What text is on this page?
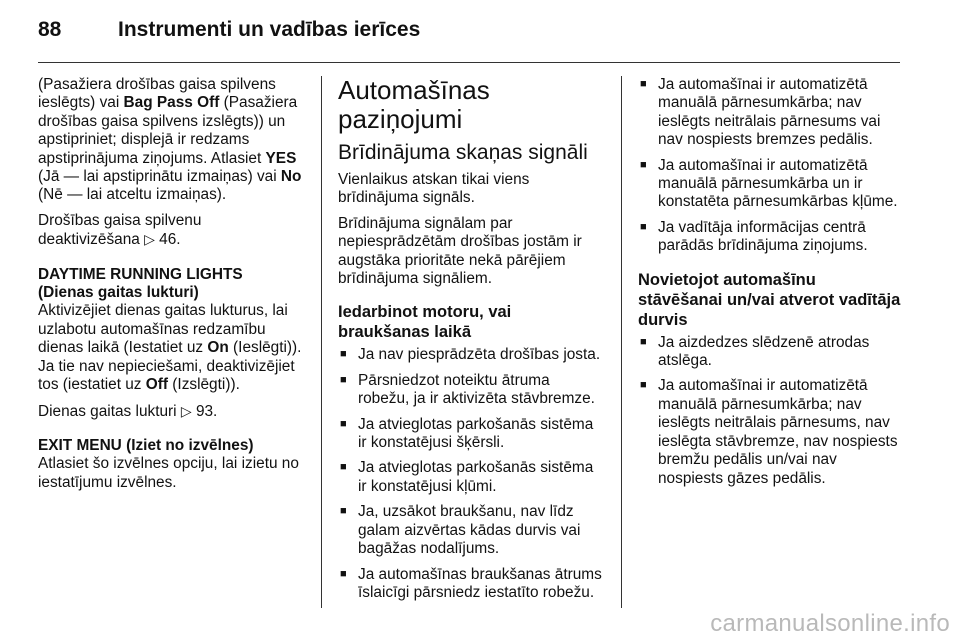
88	Instrumenti un vadības ierīces

(Pasažiera drošības gaisa spilvens ieslēgts) vai Bag Pass Off (Pasažiera drošības gaisa spilvens izslēgts)) un apstipriniet; displejā ir redzams apstiprinājuma ziņojums. Atlasiet YES (Jā — lai apstiprinātu izmaiņas) vai No (Nē — lai atceltu izmaiņas).

Drošības gaisa spilvenu deaktivizēšana ▷ 46.

DAYTIME RUNNING LIGHTS
(Dienas gaitas lukturi)

Aktivizējiet dienas gaitas lukturus, lai uzlabotu automašīnas redzamību dienas laikā (Iestatiet uz On (Ieslēgti)). Ja tie nav nepieciešami, deaktivizējiet tos (iestatiet uz Off (Izslēgti)).

Dienas gaitas lukturi ▷ 93.

EXIT MENU (Iziet no izvēlnes)

Atlasiet šo izvēlnes opciju, lai izietu no iestatījumu izvēlnes.

Automašīnas paziņojumi
Brīdinājuma skaņas signāli

Vienlaikus atskan tikai viens brīdinājuma signāls.

Brīdinājuma signālam par nepiesprādzētām drošības jostām ir augstāka prioritāte nekā pārējiem brīdinājuma signāliem.

Iedarbinot motoru, vai braukšanas laikā
■ Ja nav piesprādzēta drošības josta.
■ Pārsniedzot noteiktu ātruma robežu, ja ir aktivizēta stāvbremze.
■ Ja atvieglotas parkošanās sistēma ir konstatējusi šķērsli.
■ Ja atvieglotas parkošanās sistēma ir konstatējusi kļūmi.
■ Ja, uzsākot braukšanu, nav līdz galam aizvērtas kādas durvis vai bagāžas nodalījums.
■ Ja automašīnas braukšanas ātrums īslaicīgi pārsniedz iestatīto robežu.
■ Ja automašīnai ir automatizētā manuālā pārnesumkārba; nav ieslēgts neitrālais pārnesums vai nav nospiests bremzes pedālis.
■ Ja automašīnai ir automatizētā manuālā pārnesumkārba un ir konstatēta pārnesumkārbas kļūme.
■ Ja vadītāja informācijas centrā parādās brīdinājuma ziņojums.
Novietojot automašīnu stāvēšanai un/vai atverot vadītāja durvis
■ Ja aizdedzes slēdzenē atrodas atslēga.
■ Ja automašīnai ir automatizētā manuālā pārnesumkārba; nav ieslēgts neitrālais pārnesums, nav ieslēgta stāvbremze, nav nospiests bremžu pedālis un/vai nav nospiests gāzes pedālis.
carmanualsonline.info
